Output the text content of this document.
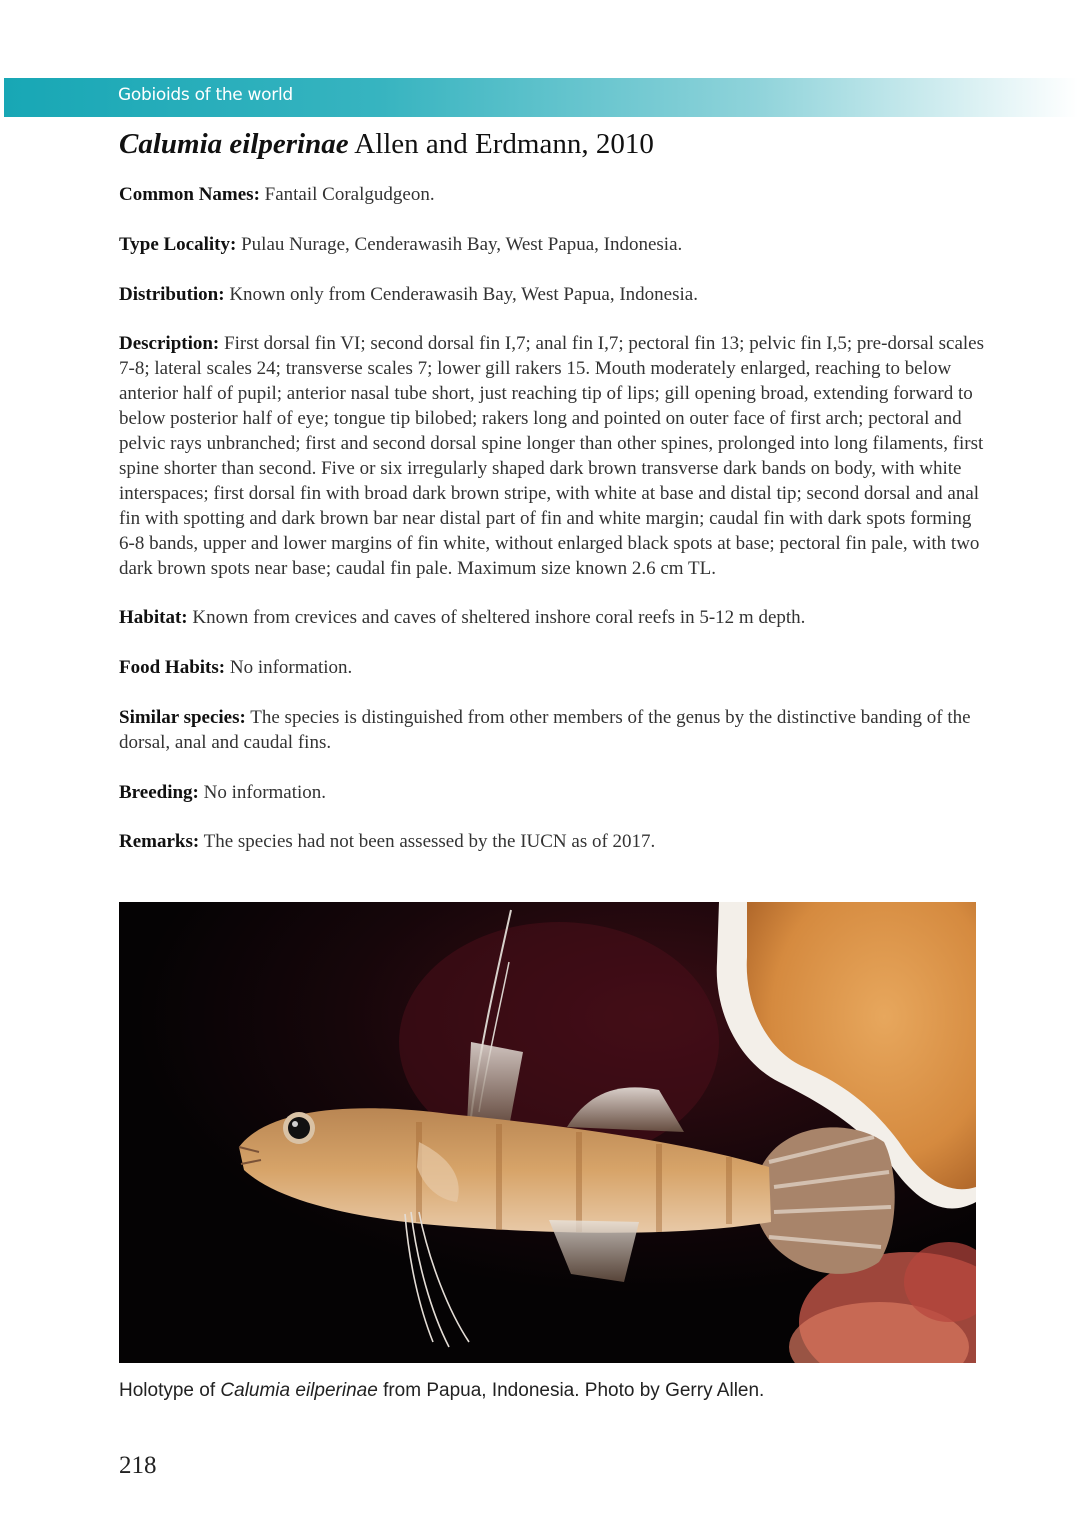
Gobioids of the world
Calumia eilperinae Allen and Erdmann, 2010

Common Names: Fantail Coralgudgeon.

Type Locality: Pulau Nurage, Cenderawasih Bay, West Papua, Indonesia.

Distribution: Known only from Cenderawasih Bay, West Papua, Indonesia.

Description: First dorsal fin VI; second dorsal fin I,7; anal fin I,7; pectoral fin 13; pelvic fin I,5; pre-dorsal scales 7-8; lateral scales 24; transverse scales 7; lower gill rakers 15. Mouth moderately enlarged, reaching to below anterior half of pupil; anterior nasal tube short, just reaching tip of lips; gill opening broad, extending forward to below posterior half of eye; tongue tip bilobed; rakers long and pointed on outer face of first arch; pectoral and pelvic rays unbranched; first and second dorsal spine longer than other spines, prolonged into long filaments, first spine shorter than second. Five or six irregularly shaped dark brown transverse dark bands on body, with white interspaces; first dorsal fin with broad dark brown stripe, with white at base and distal tip; second dorsal and anal fin with spotting and dark brown bar near distal part of fin and white margin; caudal fin with dark spots forming 6-8 bands, upper and lower margins of fin white, without enlarged black spots at base; pectoral fin pale, with two dark brown spots near base; caudal fin pale. Maximum size known 2.6 cm TL.

Habitat: Known from crevices and caves of sheltered inshore coral reefs in 5-12 m depth.

Food Habits: No information.

Similar species: The species is distinguished from other members of the genus by the distinctive banding of the dorsal, anal and caudal fins.

Breeding: No information.

Remarks: The species had not been assessed by the IUCN as of 2017.

Holotype of Calumia eilperinae from Papua, Indonesia. Photo by Gerry Allen.
218
